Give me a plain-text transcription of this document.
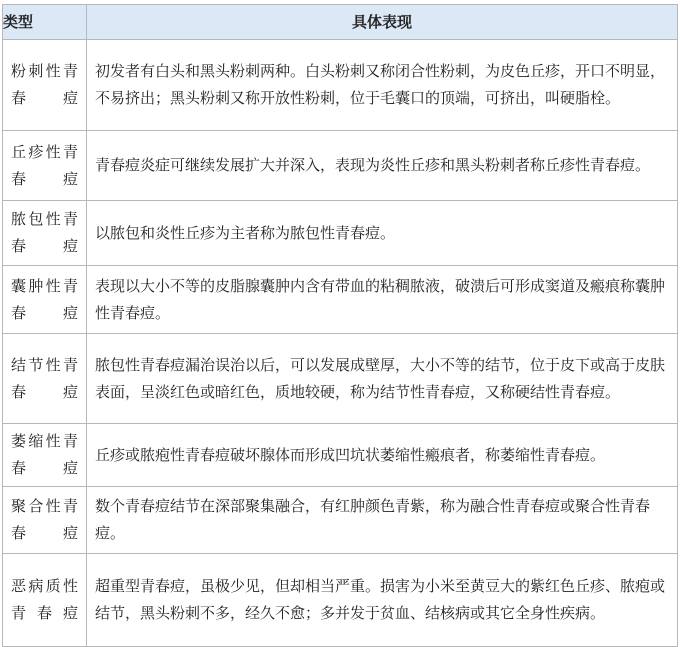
类型	具体表现
粉刺性青春痘	初发者有白头和黑头粉刺两种。白头粉刺又称闭合性粉刺，为皮色丘疹，开口不明显，不易挤出；黑头粉刺又称开放性粉刺，位于毛囊口的顶端，可挤出，叫硬脂栓。
丘疹性青春痘	青春痘炎症可继续发展扩大并深入，表现为炎性丘疹和黑头粉刺者称丘疹性青春痘。
脓包性青春痘	以脓包和炎性丘疹为主者称为脓包性青春痘。
囊肿性青春痘	表现以大小不等的皮脂腺囊肿内含有带血的粘稠脓液，破溃后可形成窦道及瘢痕称囊肿性青春痘。
结节性青春痘	脓包性青春痘漏治误治以后，可以发展成壁厚，大小不等的结节，位于皮下或高于皮肤表面，呈淡红色或暗红色，质地较硬，称为结节性青春痘，又称硬结性青春痘。
萎缩性青春痘	丘疹或脓疱性青春痘破坏腺体而形成凹坑状萎缩性瘢痕者，称萎缩性青春痘。
聚合性青春痘	数个青春痘结节在深部聚集融合，有红肿颜色青紫，称为融合性青春痘或聚合性青春痘。
恶病质性青春痘	超重型青春痘，虽极少见，但却相当严重。损害为小米至黄豆大的紫红色丘疹、脓疱或结节，黑头粉刺不多，经久不愈；多并发于贫血、结核病或其它全身性疾病。
